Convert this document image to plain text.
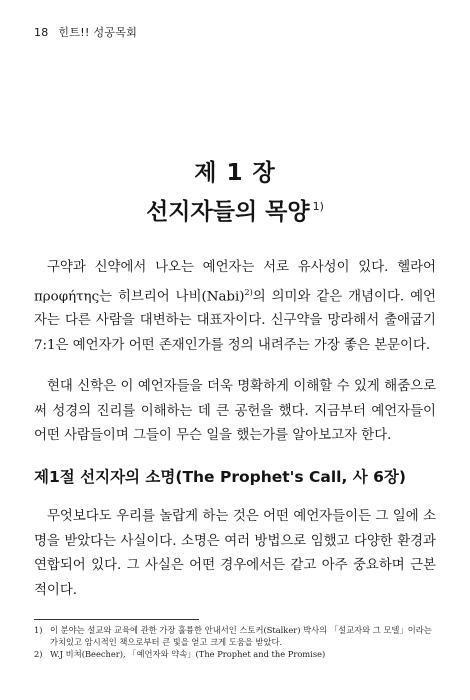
18 힌트!! 성공목회
제 1 장
선지자들의 목양 $^{1)}$

구약과 신약에서 나오는 예언자는 서로 유사성이 있다. 헬라어 προφήτης는 히브리어 나비(Nabi)$^{2)}$의 의미와 같은 개념이다. 예언자는 다른 사람을 대변하는 대표자이다. 신구약을 망라해서 출애굽기 7:1은 예언자가 어떤 존재인가를 정의 내려주는 가장 좋은 본문이다.

현대 신학은 이 예언자들을 더욱 명확하게 이해할 수 있게 해줌으로써 성경의 진리를 이해하는 데 큰 공헌을 했다. 지금부터 예언자들이 어떤 사람들이며 그들이 무슨 일을 했는가를 알아보고자 한다.

제1절 선지자의 소명(The Prophet's Call, 사 6장)

무엇보다도 우리를 놀랍게 하는 것은 어떤 예언자들이든 그 일에 소명을 받았다는 사실이다. 소명은 여러 방법으로 임했고 다양한 환경과 연합되어 있다. 그 사실은 어떤 경우에서든 같고 아주 중요하며 근본적이다.

1) 이 분야는 설교와 교육에 관한 가장 훌륭한 안내서인 스토커(Stalker) 박사의 「설교자와 그 모델」이라는 가치있고 암시적인 책으로부터 큰 빛을 얻고 크게 도움을 받았다.
2) W.J 비쳐(Beecher), 「예언자와 약속」(The Prophet and the Promise)
